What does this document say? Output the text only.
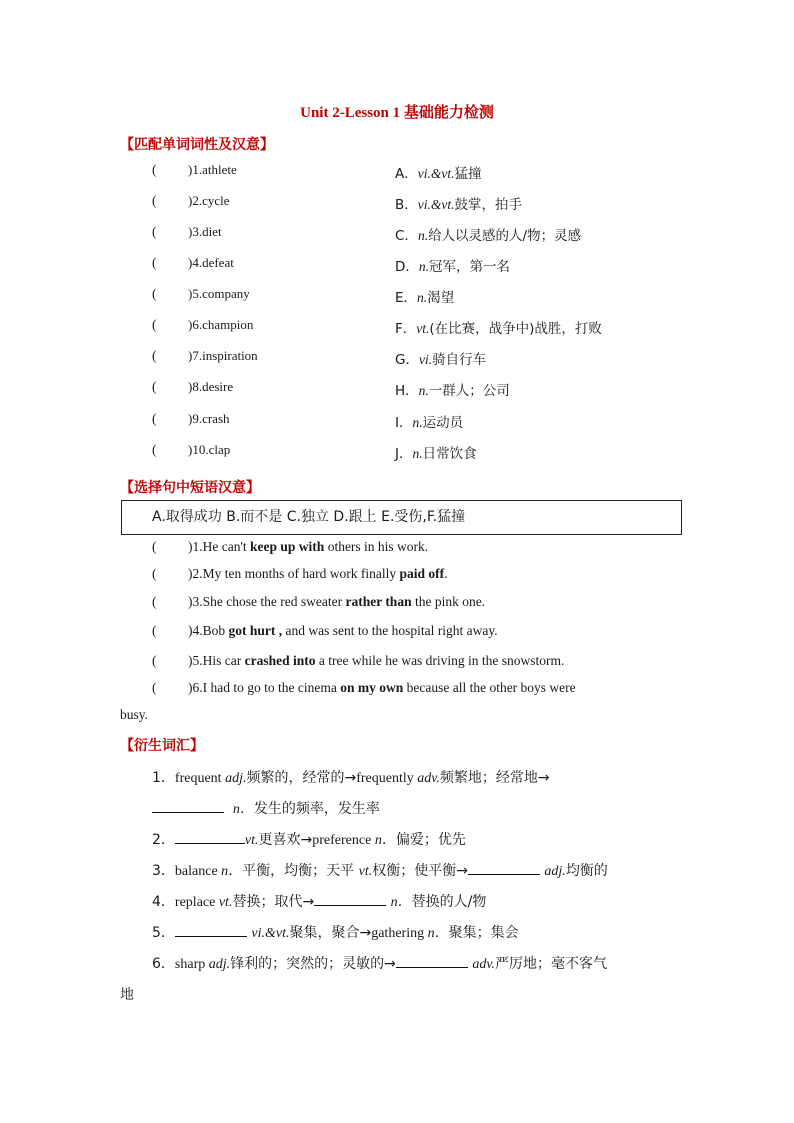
Unit 2-Lesson 1 基础能力检测
【匹配单词词性及汉意】
( )1.athlete	A．vi.&vt.猛撞
( )2.cycle	B．vi.&vt.鼓掌，拍手
( )3.diet	C．n.给人以灵感的人/物；灵感
( )4.defeat	D．n.冠军，第一名
( )5.company	E．n.渴望
( )6.champion	F．vt.(在比赛，战争中)战胜，打败
( )7.inspiration	G．vi.骑自行车
( )8.desire	H．n.一群人；公司
( )9.crash	I．n.运动员
( )10.clap	J．n.日常饮食
【选择句中短语汉意】
A.取得成功 B.而不是 C.独立 D.跟上 E.受伤,F.猛撞
( )1.He can't keep up with others in his work.
( )2.My ten months of hard work finally paid off.
( )3.She chose the red sweater rather than the pink one.
( )4.Bob got hurt , and was sent to the hospital right away.
( )5.His car crashed into a tree while he was driving in the snowstorm.
( )6.I had to go to the cinema on my own because all the other boys were
busy.
【衍生词汇】
1．frequent adj.频繁的，经常的→frequently adv.频繁地；经常地→
n．发生的频率，发生率
2．	vt.更喜欢→preference n．偏爱；优先
3．balance n．平衡，均衡；天平 vt.权衡；使平衡→	adj.均衡的
4．replace vt.替换；取代→	n．替换的人/物
5．	vi.&vt.聚集，聚合→gathering n．聚集；集会
6．sharp adj.锋利的；突然的；灵敏的→	adv.严厉地；毫不客气
地
